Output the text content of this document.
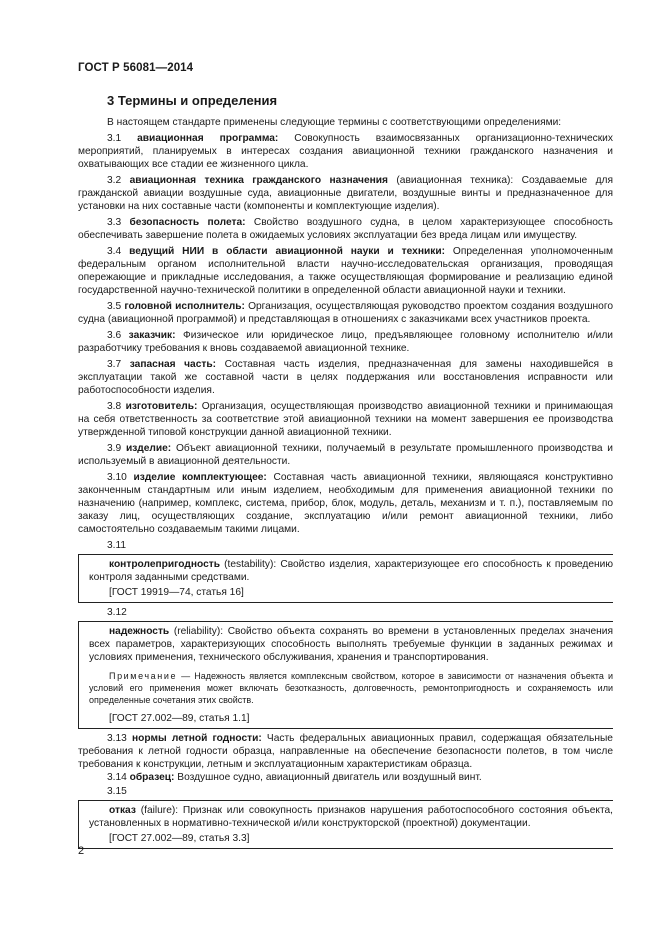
ГОСТ Р 56081—2014
3 Термины и определения

В настоящем стандарте применены следующие термины с соответствующими определениями:

3.1 авиационная программа: Совокупность взаимосвязанных организационно-технических мероприятий, планируемых в интересах создания авиационной техники гражданского назначения и охватывающих все стадии ее жизненного цикла.

3.2 авиационная техника гражданского назначения (авиационная техника): Создаваемые для гражданской авиации воздушные суда, авиационные двигатели, воздушные винты и предназначенное для установки на них составные части (компоненты и комплектующие изделия).

3.3 безопасность полета: Свойство воздушного судна, в целом характеризующее способность обеспечивать завершение полета в ожидаемых условиях эксплуатации без вреда лицам или имуществу.

3.4 ведущий НИИ в области авиационной науки и техники: Определенная уполномоченным федеральным органом исполнительной власти научно-исследовательская организация, проводящая опережающие и прикладные исследования, а также осуществляющая формирование и реализацию единой государственной научно-технической политики в определенной области авиационной науки и техники.

3.5 головной исполнитель: Организация, осуществляющая руководство проектом создания воздушного судна (авиационной программой) и представляющая в отношениях с заказчиками всех участников проекта.

3.6 заказчик: Физическое или юридическое лицо, предъявляющее головному исполнителю и/или разработчику требования к вновь создаваемой авиационной технике.

3.7 запасная часть: Составная часть изделия, предназначенная для замены находившейся в эксплуатации такой же составной части в целях поддержания или восстановления исправности или работоспособности изделия.

3.8 изготовитель: Организация, осуществляющая производство авиационной техники и принимающая на себя ответственность за соответствие этой авиационной техники на момент завершения ее производства утвержденной типовой конструкции данной авиационной техники.

3.9 изделие: Объект авиационной техники, получаемый в результате промышленного производства и используемый в авиационной деятельности.

3.10 изделие комплектующее: Составная часть авиационной техники, являющаяся конструктивно законченным стандартным или иным изделием, необходимым для применения авиационной техники по назначению (например, комплекс, система, прибор, блок, модуль, деталь, механизм и т. п.), поставляемым по заказу лиц, осуществляющих создание, эксплуатацию и/или ремонт авиационной техники, либо самостоятельно создаваемым такими лицами.

3.11

контролепригодность (testability): Свойство изделия, характеризующее его способность к проведению контроля заданными средствами.

[ГОСТ 19919—74, статья 16]

3.12

надежность (reliability): Свойство объекта сохранять во времени в установленных пределах значения всех параметров, характеризующих способность выполнять требуемые функции в заданных режимах и условиях применения, технического обслуживания, хранения и транспортирования.

Примечание — Надежность является комплексным свойством, которое в зависимости от назначения объекта и условий его применения может включать безотказность, долговечность, ремонтопригодность и сохраняемость или определенные сочетания этих свойств.

[ГОСТ 27.002—89, статья 1.1]

3.13 нормы летной годности: Часть федеральных авиационных правил, содержащая обязательные требования к летной годности образца, направленные на обеспечение безопасности полетов, в том числе требования к конструкции, летным и эксплуатационным характеристикам образца.

3.14 образец: Воздушное судно, авиационный двигатель или воздушный винт.

3.15

отказ (failure): Признак или совокупность признаков нарушения работоспособного состояния объекта, установленных в нормативно-технической и/или конструкторской (проектной) документации.

[ГОСТ 27.002—89, статья 3.3]

2
